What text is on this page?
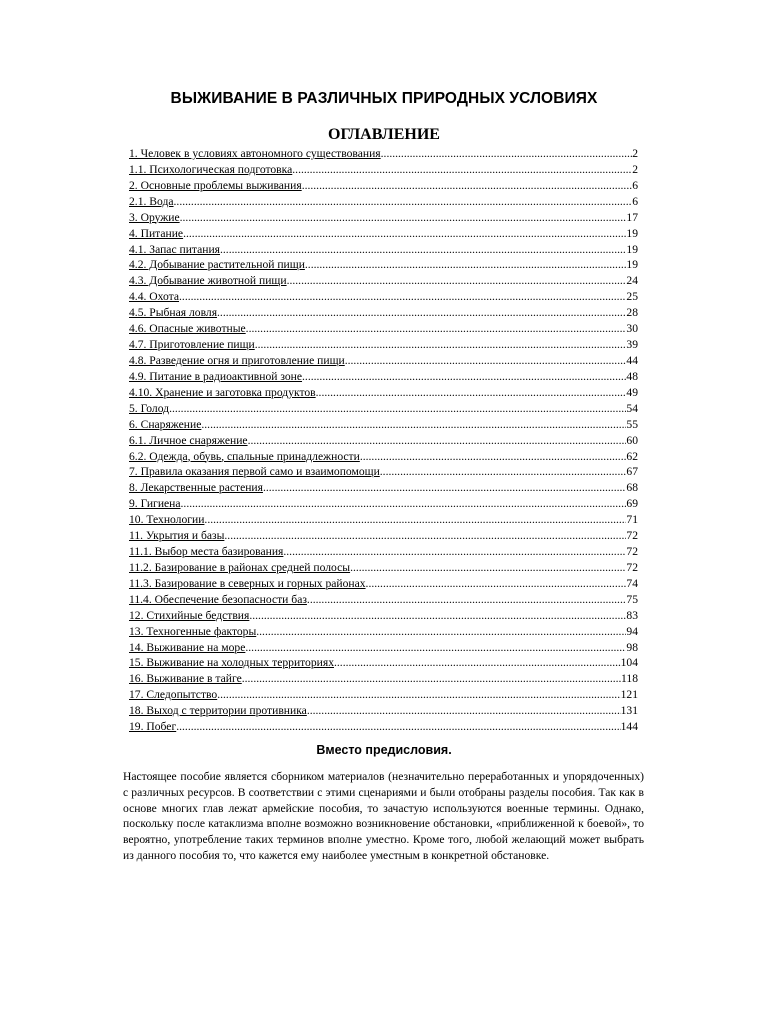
ВЫЖИВАНИЕ В РАЗЛИЧНЫХ ПРИРОДНЫХ УСЛОВИЯХ
ОГЛАВЛЕНИЕ
1. Человек в условиях автономного существования .....	2
1.1. Психологическая подготовка .....	2
2. Основные проблемы выживания .....	6
2.1. Вода .....	6
3. Оружие .....	17
4. Питание .....	19
4.1. Запас питания .....	19
4.2. Добывание растительной пищи .....	19
4.3. Добывание животной пищи .....	24
4.4. Охота .....	25
4.5. Рыбная ловля .....	28
4.6. Опасные животные .....	30
4.7. Приготовление пищи .....	39
4.8. Разведение огня и приготовление пищи .....	44
4.9. Питание в радиоактивной зоне .....	48
4.10. Хранение и заготовка продуктов .....	49
5. Голод .....	54
6. Снаряжение .....	55
6.1. Личное снаряжение .....	60
6.2. Одежда, обувь, спальные принадлежности .....	62
7. Правила оказания первой само и взаимопомощи .....	67
8. Лекарственные растения .....	68
9. Гигиена .....	69
10. Технологии .....	71
11. Укрытия и базы .....	72
11.1. Выбор места базирования .....	72
11.2. Базирование в районах средней полосы .....	72
11.3. Базирование в северных и горных районах .....	74
11.4. Обеспечение безопасности баз .....	75
12. Стихийные бедствия .....	83
13. Техногенные факторы .....	94
14. Выживание на море .....	98
15. Выживание на холодных территориях .....	104
16. Выживание в тайге .....	118
17. Следопытство .....	121
18. Выход с территории противника .....	131
19. Побег .....	144
Вместо предисловия.

Настоящее пособие является сборником материалов (незначительно переработанных и упорядоченных) с различных ресурсов. В соответствии с этими сценариями и были отобраны разделы пособия. Так как в основе многих глав лежат армейские пособия, то зачастую используются военные термины. Однако, поскольку после катаклизма вполне возможно возникновение обстановки, «приближенной к боевой», то вероятно, употребление таких терминов вполне уместно. Кроме того, любой желающий может выбрать из данного пособия то, что кажется ему наиболее уместным в конкретной обстановке.
